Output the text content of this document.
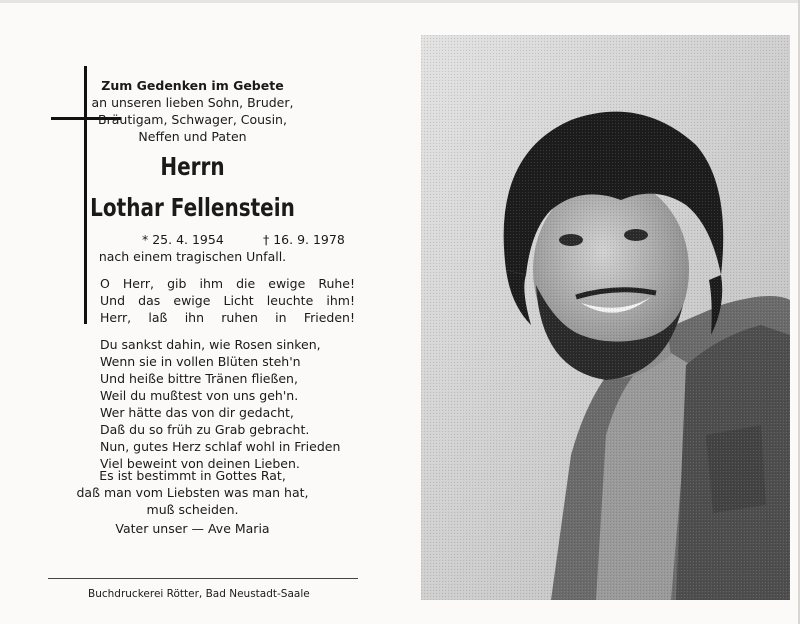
Zum Gedenken im Gebete
an unseren lieben Sohn, Bruder,
Bräutigam, Schwager, Cousin,
Neffen und Paten
Herrn
Lothar Fellenstein
* 25. 4. 1954	† 16. 9. 1978
nach einem tragischen Unfall.
O Herr, gib ihm die ewige Ruhe!
Und das ewige Licht leuchte ihm!
Herr, laß ihn ruhen in Frieden!
Du sankst dahin, wie Rosen sinken,
Wenn sie in vollen Blüten steh'n
Und heiße bittre Tränen fließen,
Weil du mußtest von uns geh'n.
Wer hätte das von dir gedacht,
Daß du so früh zu Grab gebracht.
Nun, gutes Herz schlaf wohl in Frieden
Viel beweint von deinen Lieben.
Es ist bestimmt in Gottes Rat,
daß man vom Liebsten was man hat,
muß scheiden.
Vater unser — Ave Maria
Buchdruckerei Rötter, Bad Neustadt-Saale
